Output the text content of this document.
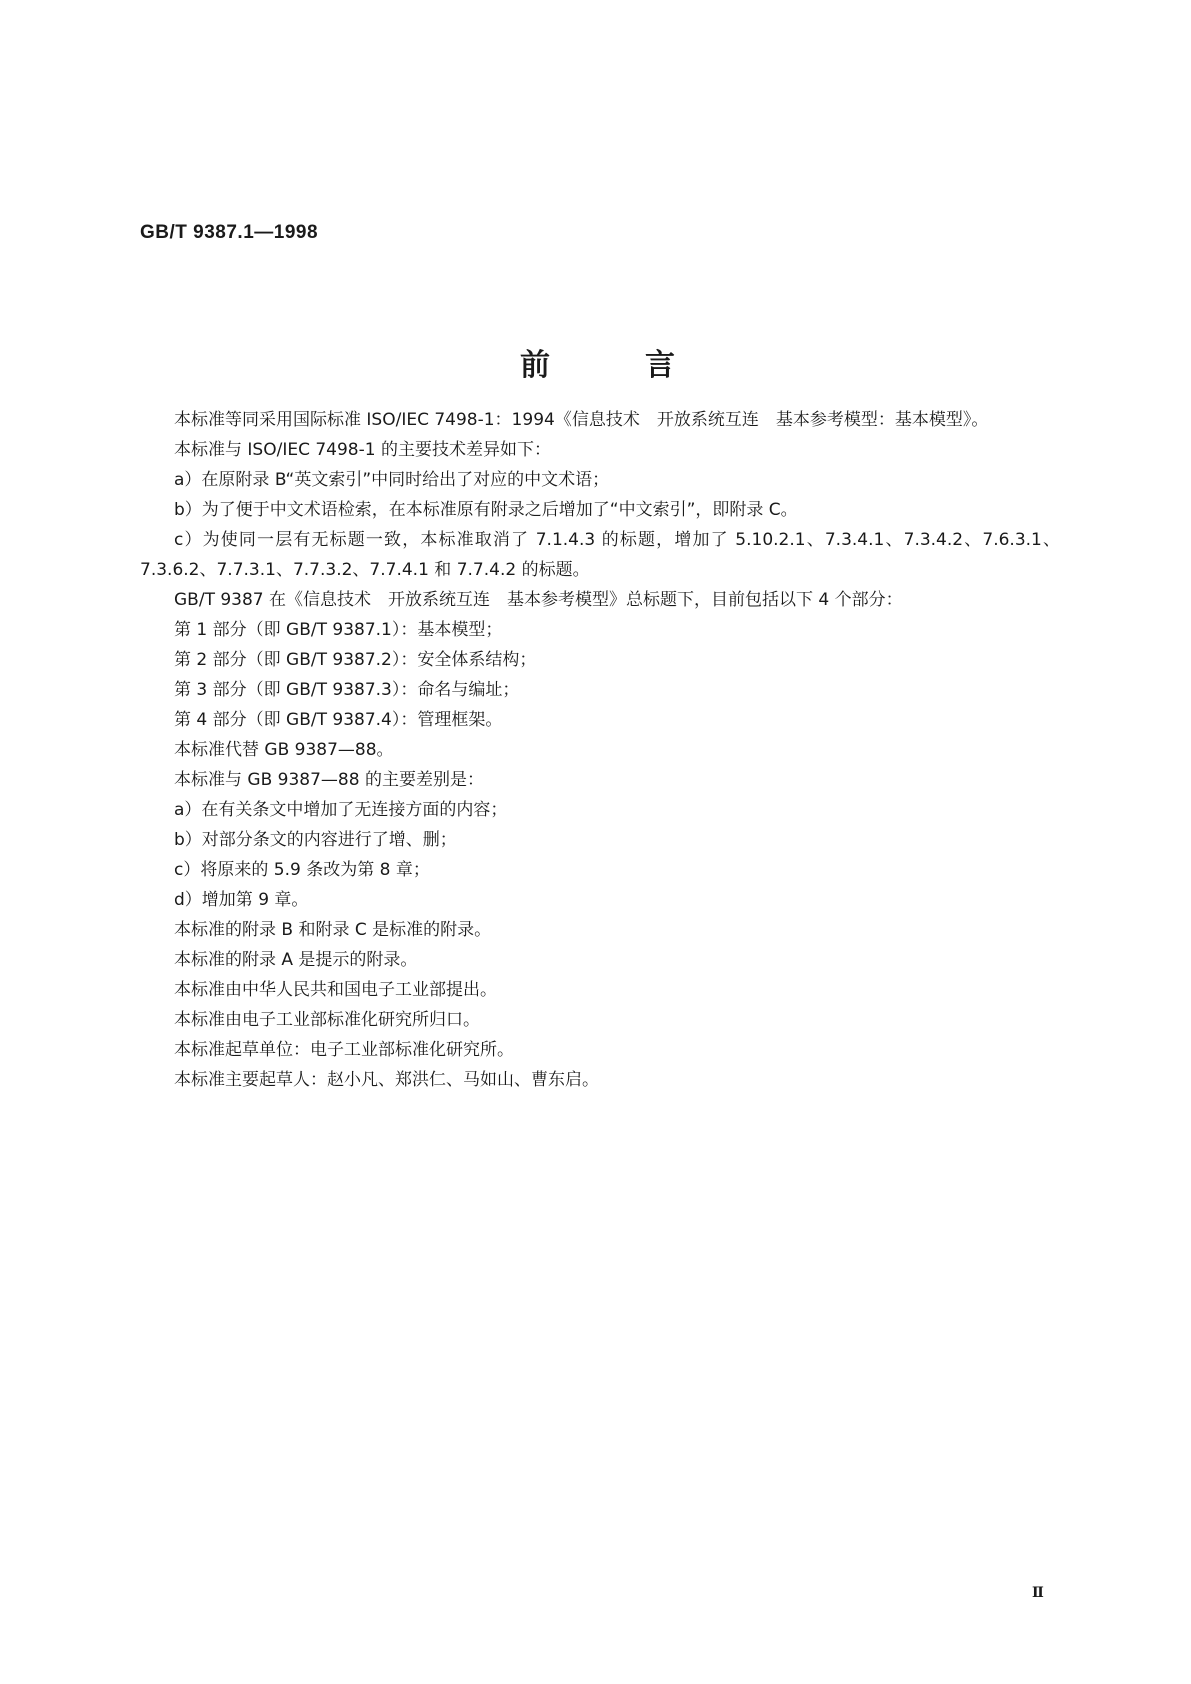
GB/T 9387.1—1998
前	言

本标准等同采用国际标准 ISO/IEC 7498-1：1994《信息技术　开放系统互连　基本参考模型：基本模型》。

本标准与 ISO/IEC 7498-1 的主要技术差异如下：

a）在原附录 B“英文索引”中同时给出了对应的中文术语；

b）为了便于中文术语检索，在本标准原有附录之后增加了“中文索引”，即附录 C。

c）为使同一层有无标题一致，本标准取消了 7.1.4.3 的标题，增加了 5.10.2.1、7.3.4.1、7.3.4.2、7.6.3.1、7.3.6.2、7.7.3.1、7.7.3.2、7.7.4.1 和 7.7.4.2 的标题。

GB/T 9387 在《信息技术　开放系统互连　基本参考模型》总标题下，目前包括以下 4 个部分：

第 1 部分（即 GB/T 9387.1）：基本模型；

第 2 部分（即 GB/T 9387.2）：安全体系结构；

第 3 部分（即 GB/T 9387.3）：命名与编址；

第 4 部分（即 GB/T 9387.4）：管理框架。

本标准代替 GB 9387—88。

本标准与 GB 9387—88 的主要差别是：

a）在有关条文中增加了无连接方面的内容；

b）对部分条文的内容进行了增、删；

c）将原来的 5.9 条改为第 8 章；

d）增加第 9 章。

本标准的附录 B 和附录 C 是标准的附录。

本标准的附录 A 是提示的附录。

本标准由中华人民共和国电子工业部提出。

本标准由电子工业部标准化研究所归口。

本标准起草单位：电子工业部标准化研究所。

本标准主要起草人：赵小凡、郑洪仁、马如山、曹东启。

Ⅱ
